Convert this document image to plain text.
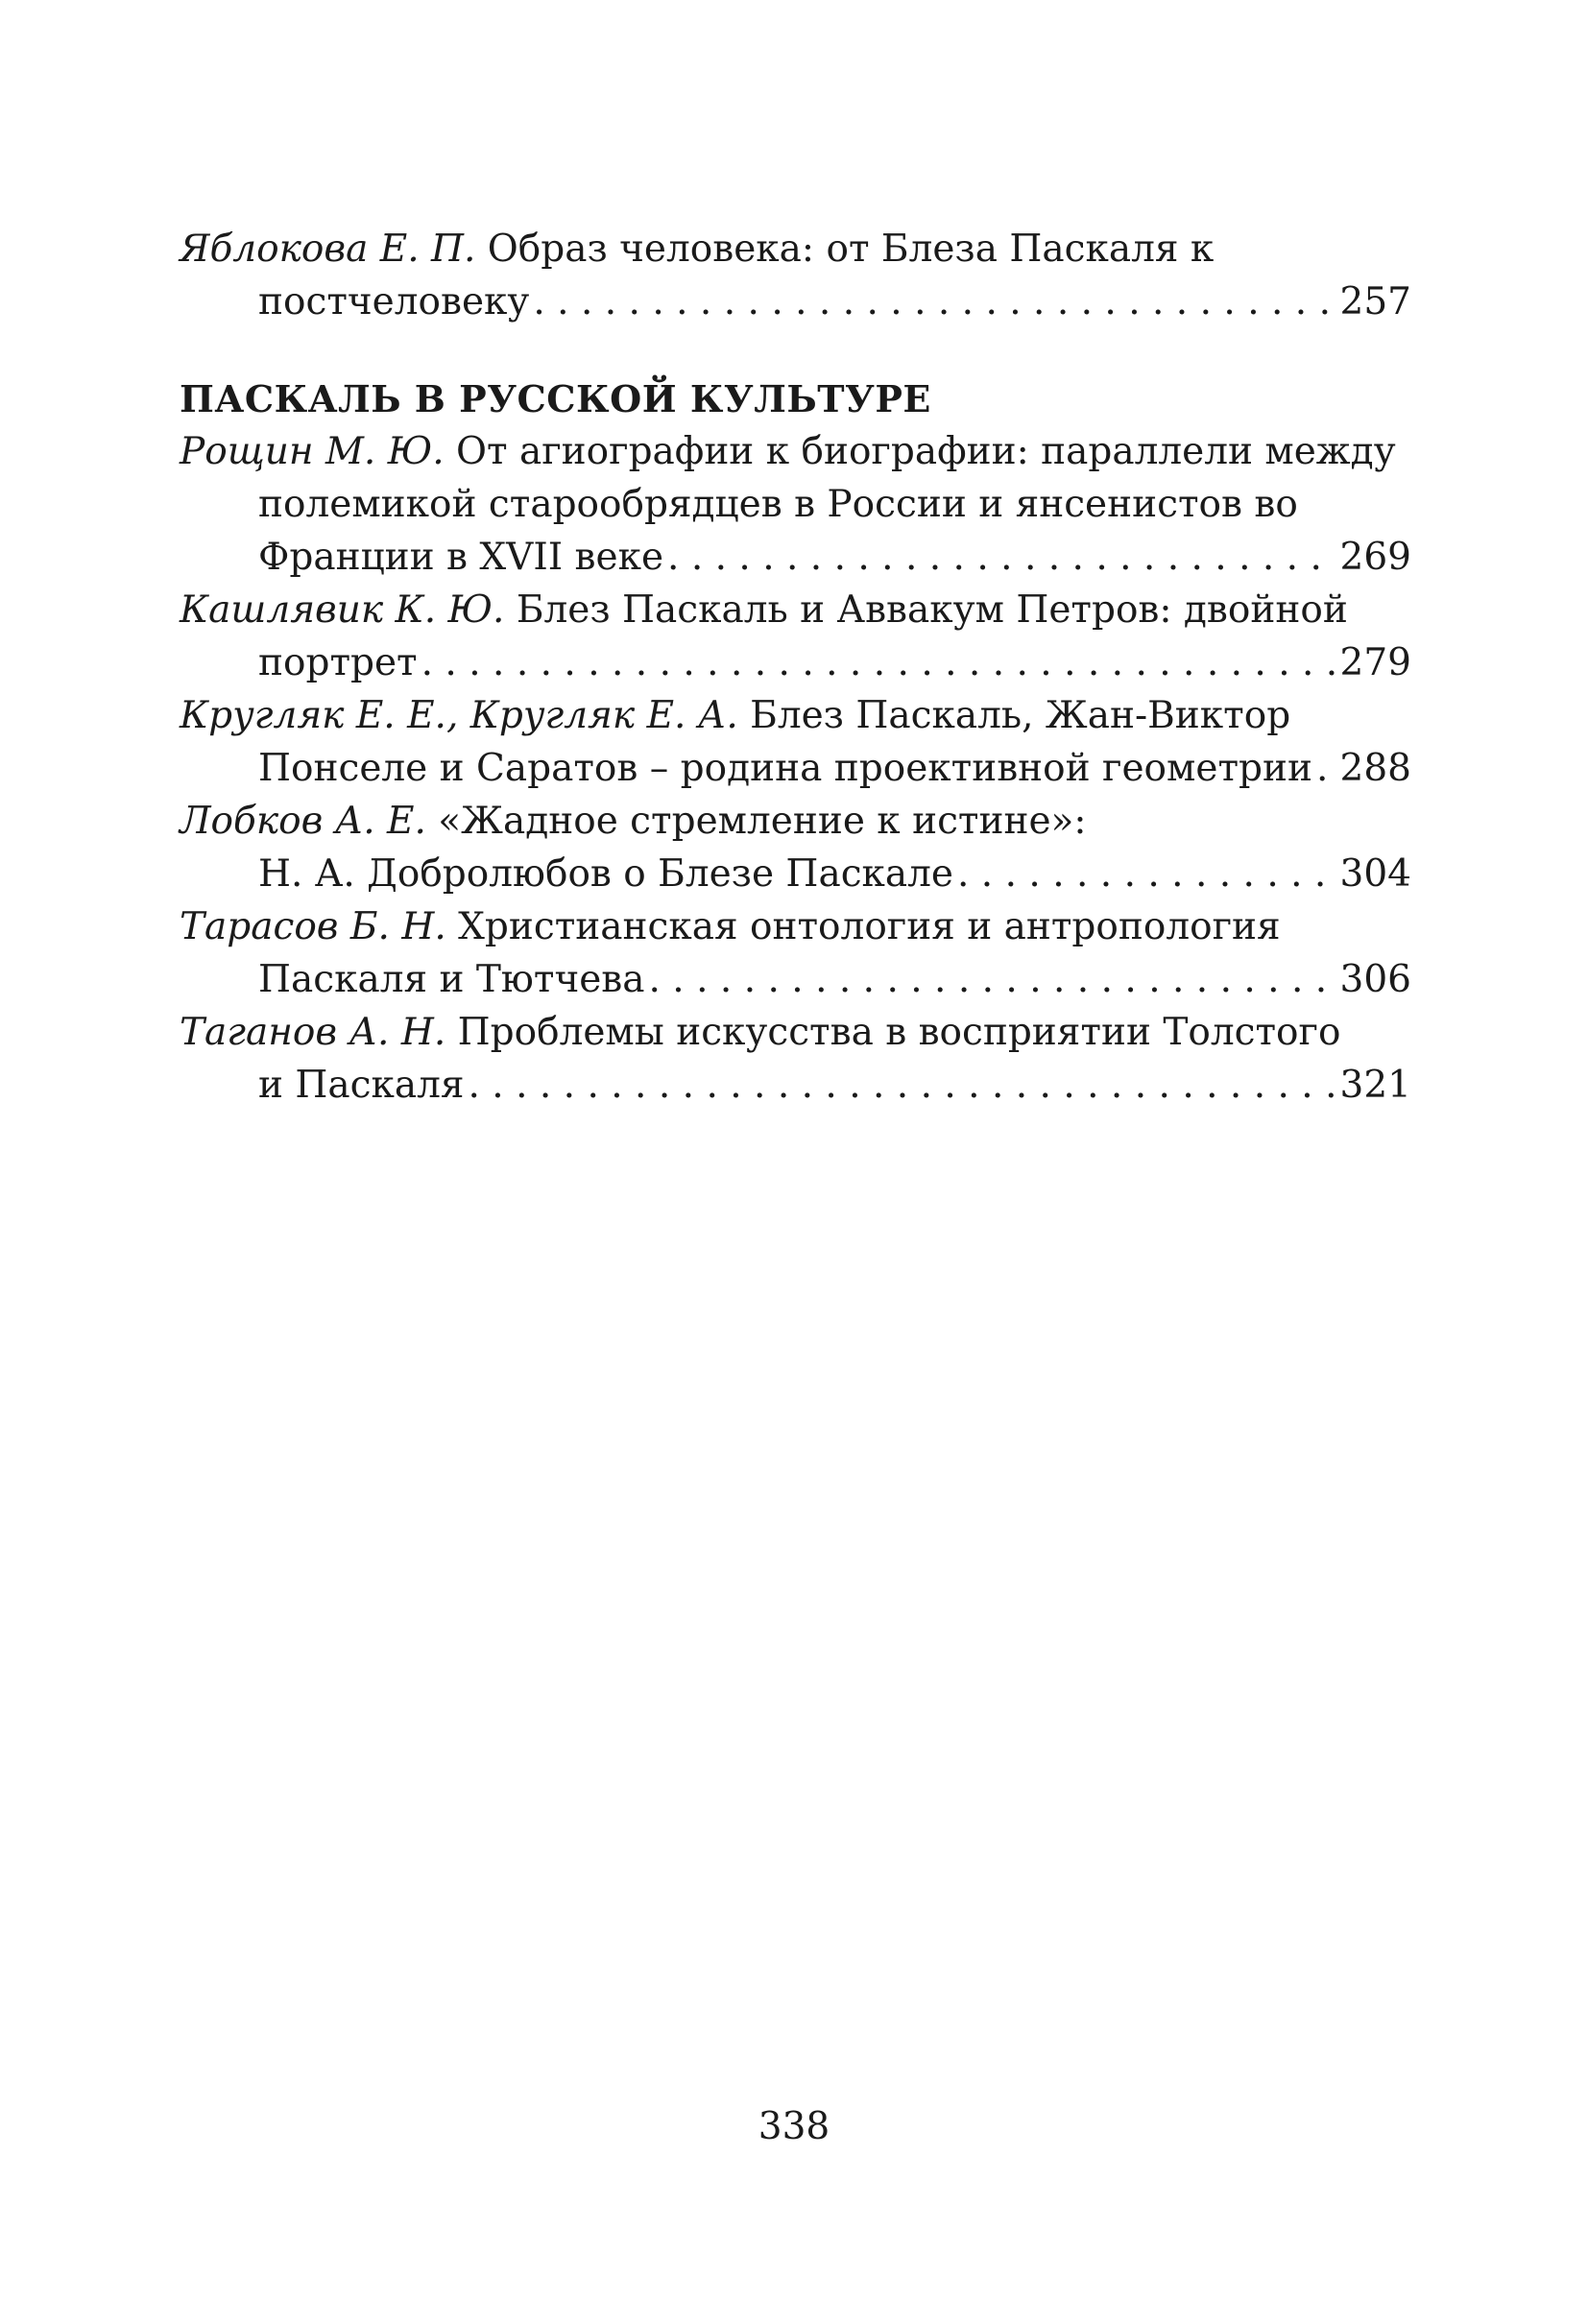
Яблокова Е. П. Образ человека: от Блеза Паскаля к
постчеловеку . . .	257
ПАСКАЛЬ В РУССКОЙ КУЛЬТУРЕ
Рощин М. Ю. От агиографии к биографии: параллели между
полемикой старообрядцев в России и янсенистов во
Франции в XVII веке . . .	269
Кашлявик К. Ю. Блез Паскаль и Аввакум Петров: двойной
портрет . . .	279
Кругляк Е. Е., Кругляк Е. А. Блез Паскаль, Жан-Виктор
Понселе и Саратов – родина проективной геометрии . . . 288
Лобков А. Е. «Жадное стремление к истине»:
Н. А. Добролюбов о Блезе Паскале . . .	304
Тарасов Б. Н. Христианская онтология и антропология
Паскаля и Тютчева . . .	306
Таганов А. Н. Проблемы искусства в восприятии Толстого
и Паскаля . . .	321
338
